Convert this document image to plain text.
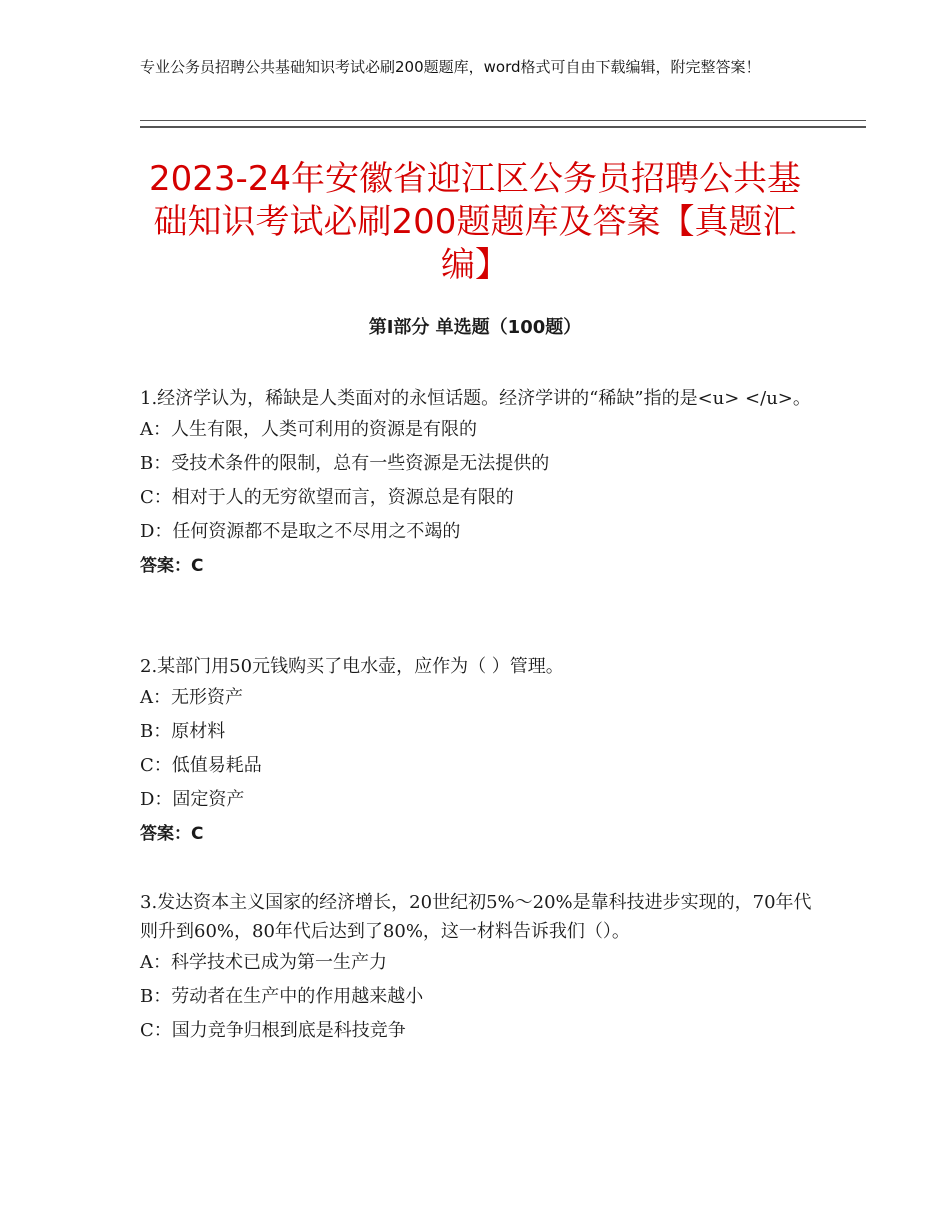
专业公务员招聘公共基础知识考试必刷200题题库，word格式可自由下载编辑，附完整答案！
2023-24年安徽省迎江区公务员招聘公共基础知识考试必刷200题题库及答案【真题汇编】
第Ⅰ部分 单选题（100题）

1.经济学认为，稀缺是人类面对的永恒话题。经济学讲的“稀缺”指的是<u> </u>。

A：人生有限，人类可利用的资源是有限的

B：受技术条件的限制，总有一些资源是无法提供的

C：相对于人的无穷欲望而言，资源总是有限的

D：任何资源都不是取之不尽用之不竭的

答案：C

2.某部门用50元钱购买了电水壶，应作为（ ）管理。

A：无形资产

B：原材料

C：低值易耗品

D：固定资产

答案：C

3.发达资本主义国家的经济增长，20世纪初5%～20%是靠科技进步实现的，70年代则升到60%，80年代后达到了80%，这一材料告诉我们（）。

A：科学技术已成为第一生产力

B：劳动者在生产中的作用越来越小

C：国力竞争归根到底是科技竞争
